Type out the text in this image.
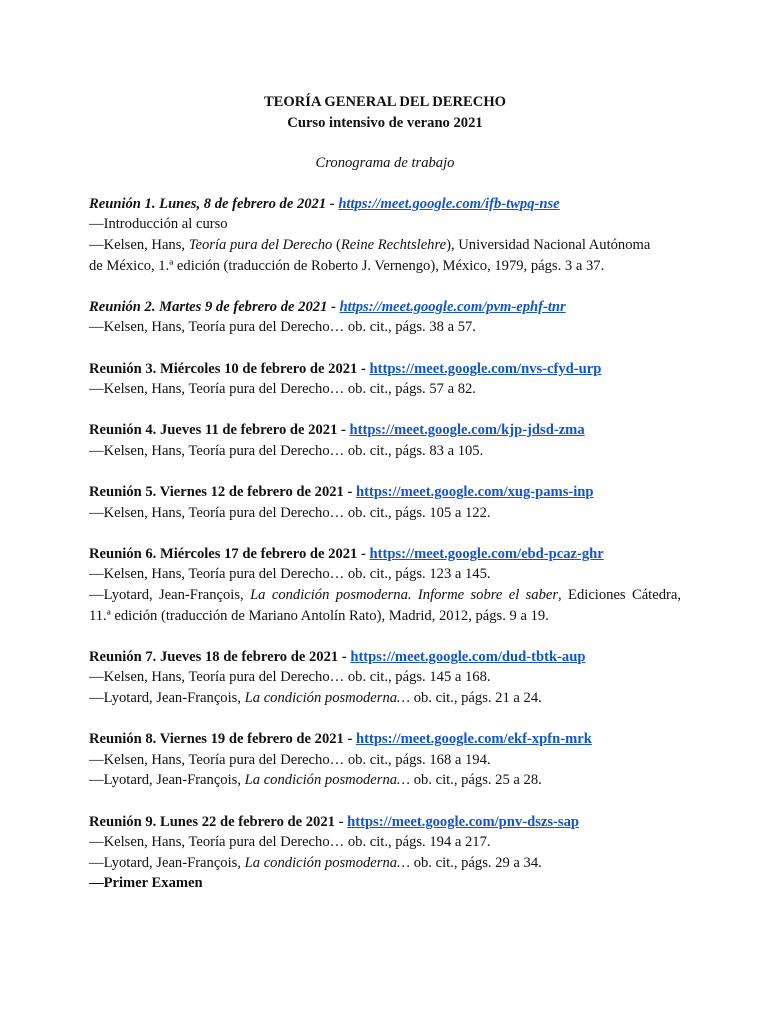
TEORÍA GENERAL DEL DERECHO
Curso intensivo de verano 2021
Cronograma de trabajo
Reunión 1. Lunes, 8 de febrero de 2021 - https://meet.google.com/ifb-twpq-nse
—Introducción al curso
—Kelsen, Hans, Teoría pura del Derecho (Reine Rechtslehre), Universidad Nacional Autónoma
de México, 1.ª edición (traducción de Roberto J. Vernengo), México, 1979, págs. 3 a 37.
Reunión 2. Martes 9 de febrero de 2021 - https://meet.google.com/pvm-ephf-tnr
—Kelsen, Hans, Teoría pura del Derecho… ob. cit., págs. 38 a 57.
Reunión 3. Miércoles 10 de febrero de 2021 - https://meet.google.com/nvs-cfyd-urp
—Kelsen, Hans, Teoría pura del Derecho… ob. cit., págs. 57 a 82.
Reunión 4. Jueves 11 de febrero de 2021 - https://meet.google.com/kjp-jdsd-zma
—Kelsen, Hans, Teoría pura del Derecho… ob. cit., págs. 83 a 105.
Reunión 5. Viernes 12 de febrero de 2021 - https://meet.google.com/xug-pams-inp
—Kelsen, Hans, Teoría pura del Derecho… ob. cit., págs. 105 a 122.
Reunión 6. Miércoles 17 de febrero de 2021 - https://meet.google.com/ebd-pcaz-ghr
—Kelsen, Hans, Teoría pura del Derecho… ob. cit., págs. 123 a 145.
—Lyotard, Jean-François, La condición posmoderna. Informe sobre el saber, Ediciones Cátedra,
11.ª edición (traducción de Mariano Antolín Rato), Madrid, 2012, págs. 9 a 19.
Reunión 7. Jueves 18 de febrero de 2021 - https://meet.google.com/dud-tbtk-aup
—Kelsen, Hans, Teoría pura del Derecho… ob. cit., págs. 145 a 168.
—Lyotard, Jean-François, La condición posmoderna… ob. cit., págs. 21 a 24.
Reunión 8. Viernes 19 de febrero de 2021 - https://meet.google.com/ekf-xpfn-mrk
—Kelsen, Hans, Teoría pura del Derecho… ob. cit., págs. 168 a 194.
—Lyotard, Jean-François, La condición posmoderna… ob. cit., págs. 25 a 28.
Reunión 9. Lunes 22 de febrero de 2021 - https://meet.google.com/pnv-dszs-sap
—Kelsen, Hans, Teoría pura del Derecho… ob. cit., págs. 194 a 217.
—Lyotard, Jean-François, La condición posmoderna… ob. cit., págs. 29 a 34.
—Primer Examen
